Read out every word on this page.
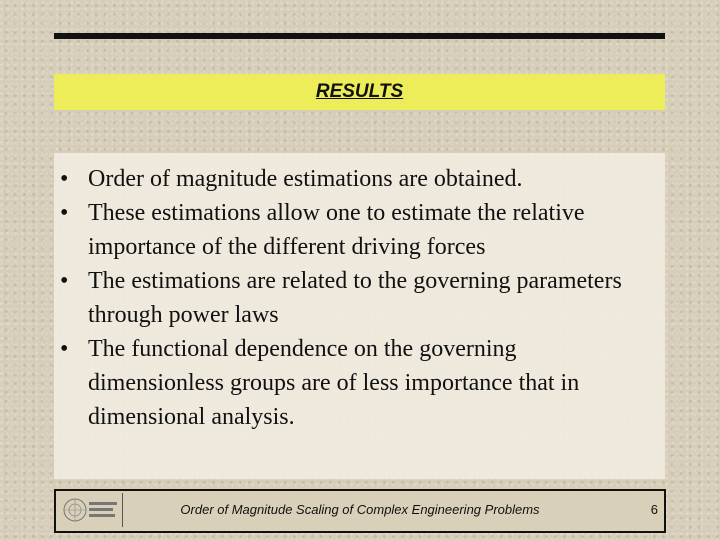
RESULTS
• Order of magnitude estimations are obtained.
• These estimations allow one to estimate the relative importance of the different driving forces
• The estimations are related to the governing parameters through power laws
• The functional dependence on the governing dimensionless groups are of less importance that in dimensional analysis.
Order of Magnitude Scaling of Complex Engineering Problems	6
